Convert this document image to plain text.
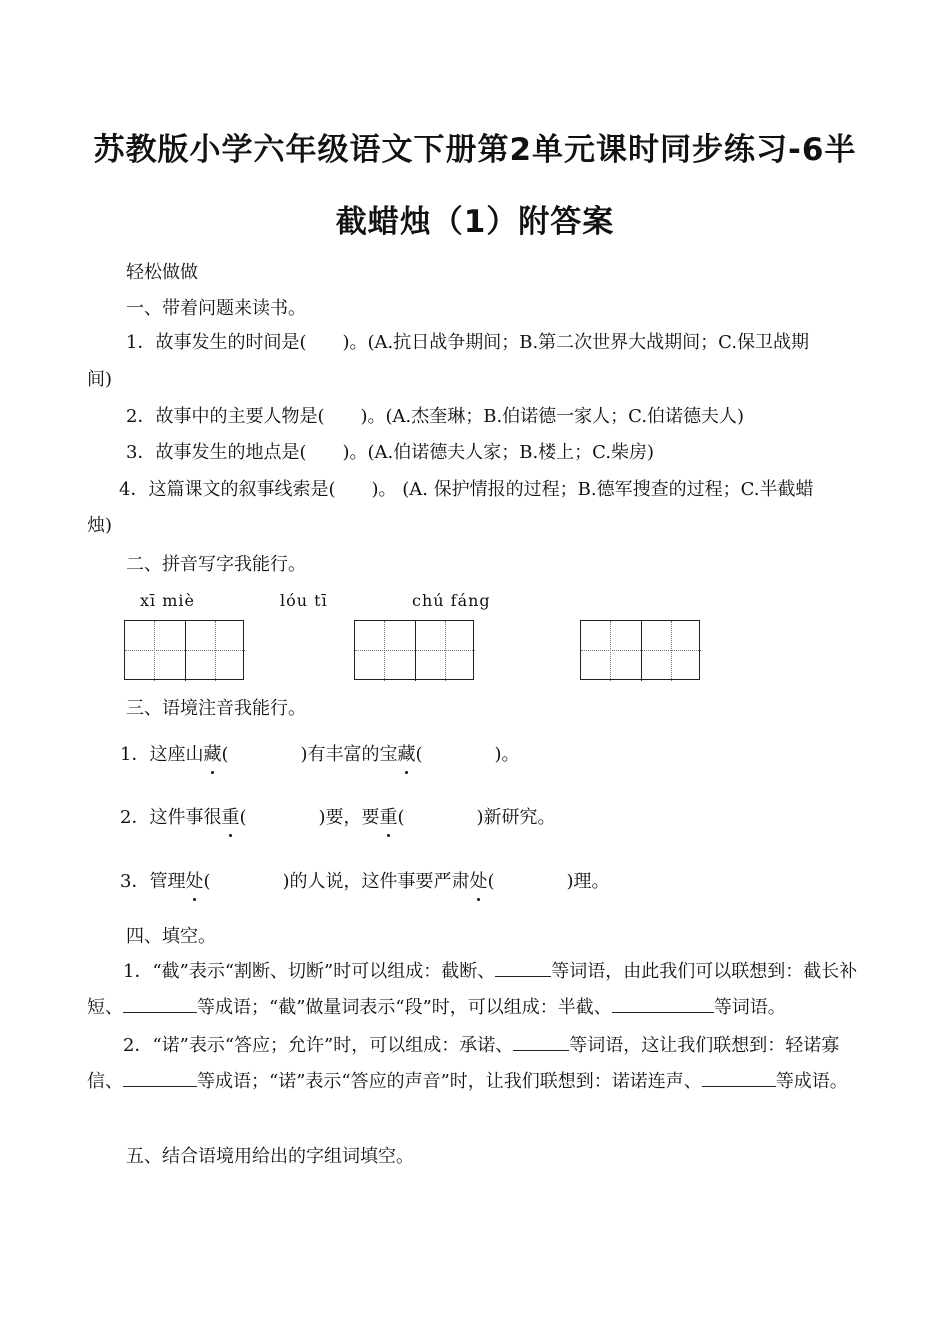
苏教版小学六年级语文下册第2单元课时同步练习-6半
截蜡烛（1）附答案
轻松做做
一、带着问题来读书。
1．故事发生的时间是(　　)。(A.抗日战争期间；B.第二次世界大战期间；C.保卫战期
间)
2．故事中的主要人物是(　　)。(A.杰奎琳；B.伯诺德一家人；C.伯诺德夫人)
3．故事发生的地点是(　　)。(A.伯诺德夫人家；B.楼上；C.柴房)
4．这篇课文的叙事线索是(　　)。 (A. 保护情报的过程；B.德军搜查的过程；C.半截蜡
烛)
二、拼音写字我能行。
xī miè	lóu tī	chú fáng
三、语境注音我能行。
1．这座山藏(　　　　)有丰富的宝藏(　　　　)。
2．这件事很重(　　　　)要，要重(　　　　)新研究。
3．管理处(　　　　)的人说，这件事要严肃处(　　　　)理。
四、填空。
1．“截”表示“割断、切断”时可以组成：截断、	等词语，由此我们可以联想到：截长补短、	等成语；“截”做量词表示“段”时，可以组成：半截、	等词语。
2．“诺”表示“答应；允许”时，可以组成：承诺、	等词语，这让我们联想到：轻诺寡信、	等成语；“诺”表示“答应的声音”时，让我们联想到：诺诺连声、	等成语。
五、结合语境用给出的字组词填空。
